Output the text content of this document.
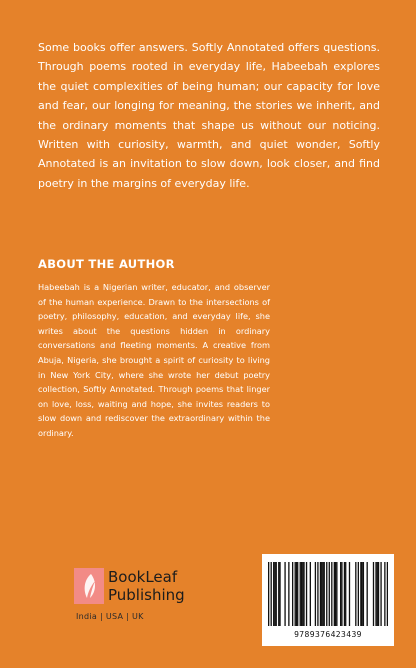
Some books offer answers. Softly Annotated offers questions. Through poems rooted in everyday life, Habeebah explores the quiet complexities of being human; our capacity for love and fear, our longing for meaning, the stories we inherit, and the ordinary moments that shape us without our noticing. Written with curiosity, warmth, and quiet wonder, Softly Annotated is an invitation to slow down, look closer, and find poetry in the margins of everyday life.

ABOUT THE AUTHOR

Habeebah is a Nigerian writer, educator, and observer of the human experience. Drawn to the intersections of poetry, philosophy, education, and everyday life, she writes about the questions hidden in ordinary conversations and fleeting moments. A creative from Abuja, Nigeria, she brought a spirit of curiosity to living in New York City, where she wrote her debut poetry collection, Softly Annotated. Through poems that linger on love, loss, waiting and hope, she invites readers to slow down and rediscover the extraordinary within the ordinary.

BookLeaf
Publishing
India | USA | UK
9789376423439
